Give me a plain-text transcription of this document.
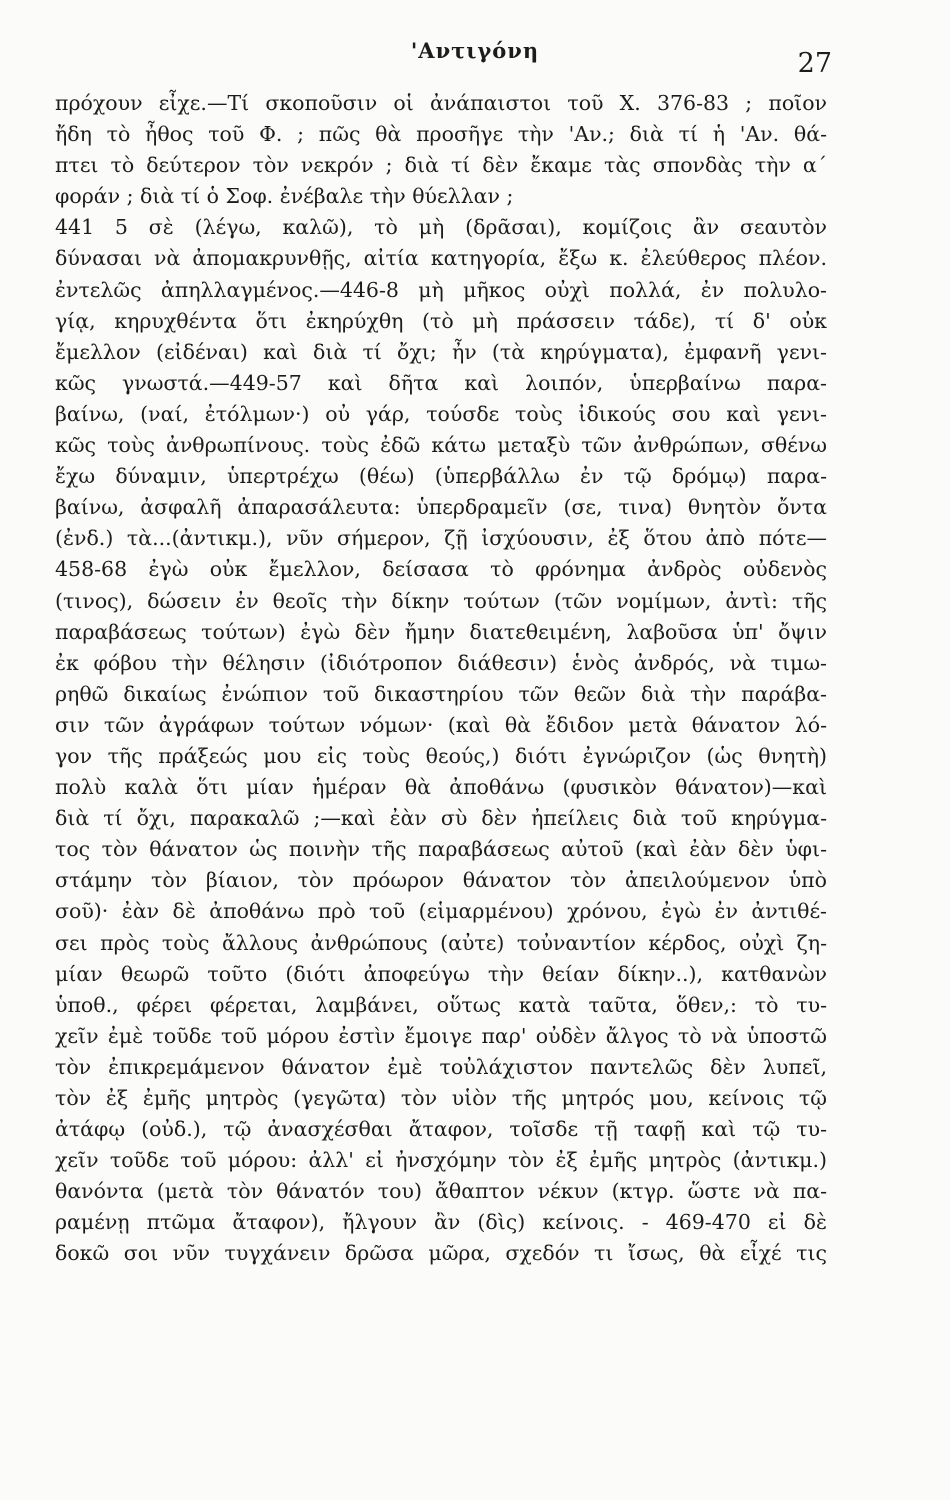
'Αντιγόνη	27
πρόχουν εἶχε.—Τί σκοποῦσιν οἱ ἀνάπαιστοι τοῦ Χ. 376-83 ; ποῖον
ἤδη τὸ ἦθος τοῦ Φ. ; πῶς θὰ προσῆγε τὴν 'Αν.; διὰ τί ἡ 'Αν. θά-
πτει τὸ δεύτερον τὸν νεκρόν ; διὰ τί δὲν ἔκαμε τὰς σπονδὰς τὴν α΄
φοράν ; διὰ τί ὁ Σοφ. ἐνέβαλε τὴν θύελλαν ;
441 5 σὲ (λέγω, καλῶ), τὸ μὴ (δρᾶσαι), κομίζοις ἂν σεαυτὸν
δύνασαι νὰ ἀπομακρυνθῇς, αἰτία κατηγορία, ἔξω κ. ἐλεύθερος πλέον.
ἐντελῶς ἀπηλλαγμένος.—446-8 μὴ μῆκος οὐχὶ πολλά, ἐν πολυλο-
γίᾳ, κηρυχθέντα ὅτι ἐκηρύχθη (τὸ μὴ πράσσειν τάδε), τί δ' οὐκ
ἔμελλον (εἰδέναι) καὶ διὰ τί ὄχι; ἦν (τὰ κηρύγματα), ἐμφανῆ γενι-
κῶς γνωστά.—449-57 καὶ δῆτα καὶ λοιπόν, ὑπερβαίνω παρα-
βαίνω, (ναί, ἐτόλμων·) οὐ γάρ, τούσδε τοὺς ἰδικούς σου καὶ γενι-
κῶς τοὺς ἀνθρωπίνους. τοὺς ἐδῶ κάτω μεταξὺ τῶν ἀνθρώπων, σθένω
ἔχω δύναμιν, ὑπερτρέχω (θέω) (ὑπερβάλλω ἐν τῷ δρόμῳ) παρα-
βαίνω, ἀσφαλῆ ἀπαρασάλευτα: ὑπερδραμεῖν (σε, τινα) θνητὸν ὄντα
(ἐνδ.) τὰ...(ἀντικμ.), νῦν σήμερον, ζῇ ἰσχύουσιν, ἐξ ὅτου ἀπὸ πότε—
458-68 ἐγὼ οὐκ ἔμελλον, δείσασα τὸ φρόνημα ἀνδρὸς οὐδενὸς
(τινος), δώσειν ἐν θεοῖς τὴν δίκην τούτων (τῶν νομίμων, ἀντὶ: τῆς
παραβάσεως τούτων) ἐγὼ δὲν ἤμην διατεθειμένη, λαβοῦσα ὑπ' ὄψιν
ἐκ φόβου τὴν θέλησιν (ἰδιότροπον διάθεσιν) ἑνὸς ἀνδρός, νὰ τιμω-
ρηθῶ δικαίως ἐνώπιον τοῦ δικαστηρίου τῶν θεῶν διὰ τὴν παράβα-
σιν τῶν ἀγράφων τούτων νόμων· (καὶ θὰ ἔδιδον μετὰ θάνατον λό-
γον τῆς πράξεώς μου εἰς τοὺς θεούς,) διότι ἐγνώριζον (ὡς θνητὴ)
πολὺ καλὰ ὅτι μίαν ἡμέραν θὰ ἀποθάνω (φυσικὸν θάνατον)—καὶ
διὰ τί ὄχι, παρακαλῶ ;—καὶ ἐὰν σὺ δὲν ἠπείλεις διὰ τοῦ κηρύγμα-
τος τὸν θάνατον ὡς ποινὴν τῆς παραβάσεως αὐτοῦ (καὶ ἐὰν δὲν ὑφι-
στάμην τὸν βίαιον, τὸν πρόωρον θάνατον τὸν ἀπειλούμενον ὑπὸ
σοῦ)· ἐὰν δὲ ἀποθάνω πρὸ τοῦ (εἱμαρμένου) χρόνου, ἐγὼ ἐν ἀντιθέ-
σει πρὸς τοὺς ἄλλους ἀνθρώπους (αὐτε) τοὐναντίον κέρδος, οὐχὶ ζη-
μίαν θεωρῶ τοῦτο (διότι ἀποφεύγω τὴν θείαν δίκην..), κατθανὼν
ὑποθ., φέρει φέρεται, λαμβάνει, οὕτως κατὰ ταῦτα, ὅθεν,: τὸ τυ-
χεῖν ἐμὲ τοῦδε τοῦ μόρου ἐστὶν ἔμοιγε παρ' οὐδὲν ἄλγος τὸ νὰ ὑποστῶ
τὸν ἐπικρεμάμενον θάνατον ἐμὲ τοὐλάχιστον παντελῶς δὲν λυπεῖ,
τὸν ἐξ ἐμῆς μητρὸς (γεγῶτα) τὸν υἱὸν τῆς μητρός μου, κείνοις τῷ
ἀτάφῳ (οὐδ.), τῷ ἀνασχέσθαι ἄταφον, τοῖσδε τῇ ταφῇ καὶ τῷ τυ-
χεῖν τοῦδε τοῦ μόρου: ἀλλ' εἰ ἠνσχόμην τὸν ἐξ ἐμῆς μητρὸς (ἀντικμ.)
θανόντα (μετὰ τὸν θάνατόν του) ἄθαπτον νέκυν (κτγρ. ὥστε νὰ πα-
ραμένῃ πτῶμα ἄταφον), ἤλγουν ἂν (δὶς) κείνοις. - 469-470 εἰ δὲ
δοκῶ σοι νῦν τυγχάνειν δρῶσα μῶρα, σχεδόν τι ἴσως, θὰ εἶχέ τις
